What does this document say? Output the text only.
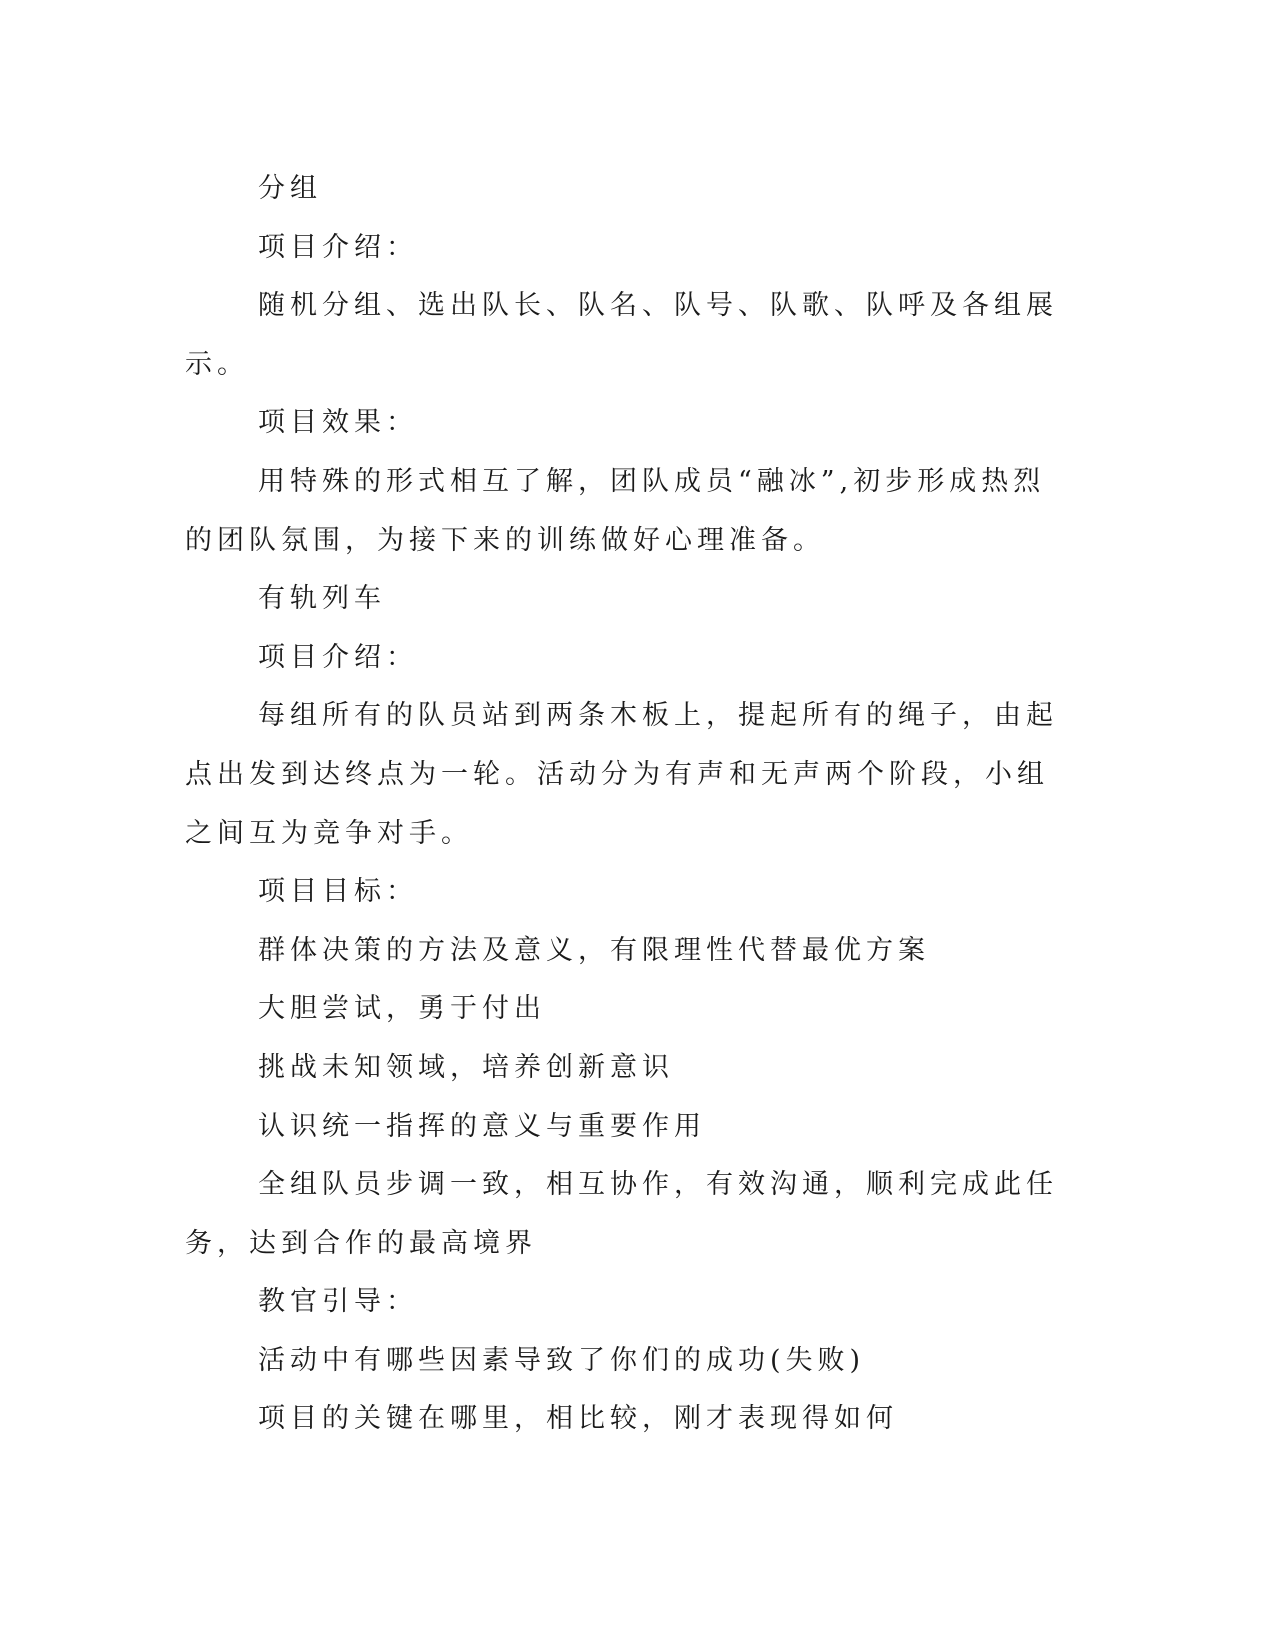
分组

项目介绍：

随机分组、选出队长、队名、队号、队歌、队呼及各组展示。

项目效果：

用特殊的形式相互了解，团队成员“融冰”,初步形成热烈的团队氛围，为接下来的训练做好心理准备。

有轨列车

项目介绍：

每组所有的队员站到两条木板上，提起所有的绳子，由起点出发到达终点为一轮。活动分为有声和无声两个阶段，小组之间互为竞争对手。

项目目标：

群体决策的方法及意义，有限理性代替最优方案

大胆尝试，勇于付出

挑战未知领域，培养创新意识

认识统一指挥的意义与重要作用

全组队员步调一致，相互协作，有效沟通，顺利完成此任务，达到合作的最高境界

教官引导：

活动中有哪些因素导致了你们的成功(失败)

项目的关键在哪里，相比较，刚才表现得如何
